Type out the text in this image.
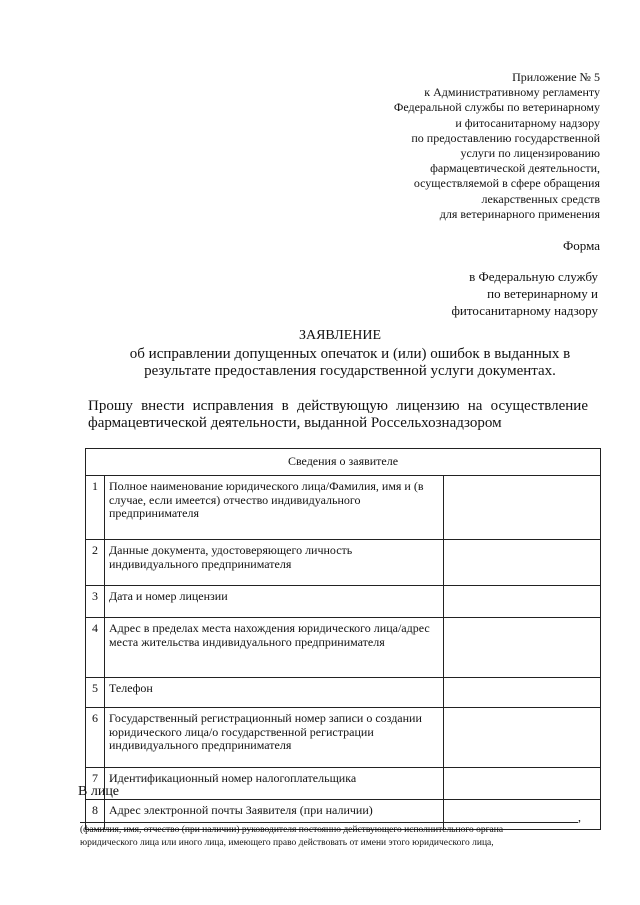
Приложение № 5
к Административному регламенту
Федеральной службы по ветеринарному
и фитосанитарному надзору
по предоставлению государственной
услуги по лицензированию
фармацевтической деятельности,
осуществляемой в сфере обращения
лекарственных средств
для ветеринарного применения
Форма
в Федеральную службу
по ветеринарному и
фитосанитарному надзору
ЗАЯВЛЕНИЕ
об исправлении допущенных опечаток и (или) ошибок в выданных в результате предоставления государственной услуги документах.
Прошу внести исправления в действующую лицензию на осуществление
фармацевтической деятельности, выданной Россельхознадзором
Сведения о заявителе		
1	Полное наименование юридического лица/Фамилия, имя и (в случае, если имеется) отчество индивидуального предпринимателя	
2	Данные документа, удостоверяющего личность индивидуального предпринимателя	
3	Дата и номер лицензии	
4	Адрес в пределах места нахождения юридического лица/адрес места жительства индивидуального предпринимателя	
5	Телефон	
6	Государственный регистрационный номер записи о создании юридического лица/о государственной регистрации индивидуального предпринимателя	
7	Идентификационный номер налогоплательщика	
8	Адрес электронной почты Заявителя (при наличии)	
В лице
,
(фамилия, имя, отчество (при наличии) руководителя постоянно действующего исполнительного органа
юридического лица или иного лица, имеющего право действовать от имени этого юридического лица,
